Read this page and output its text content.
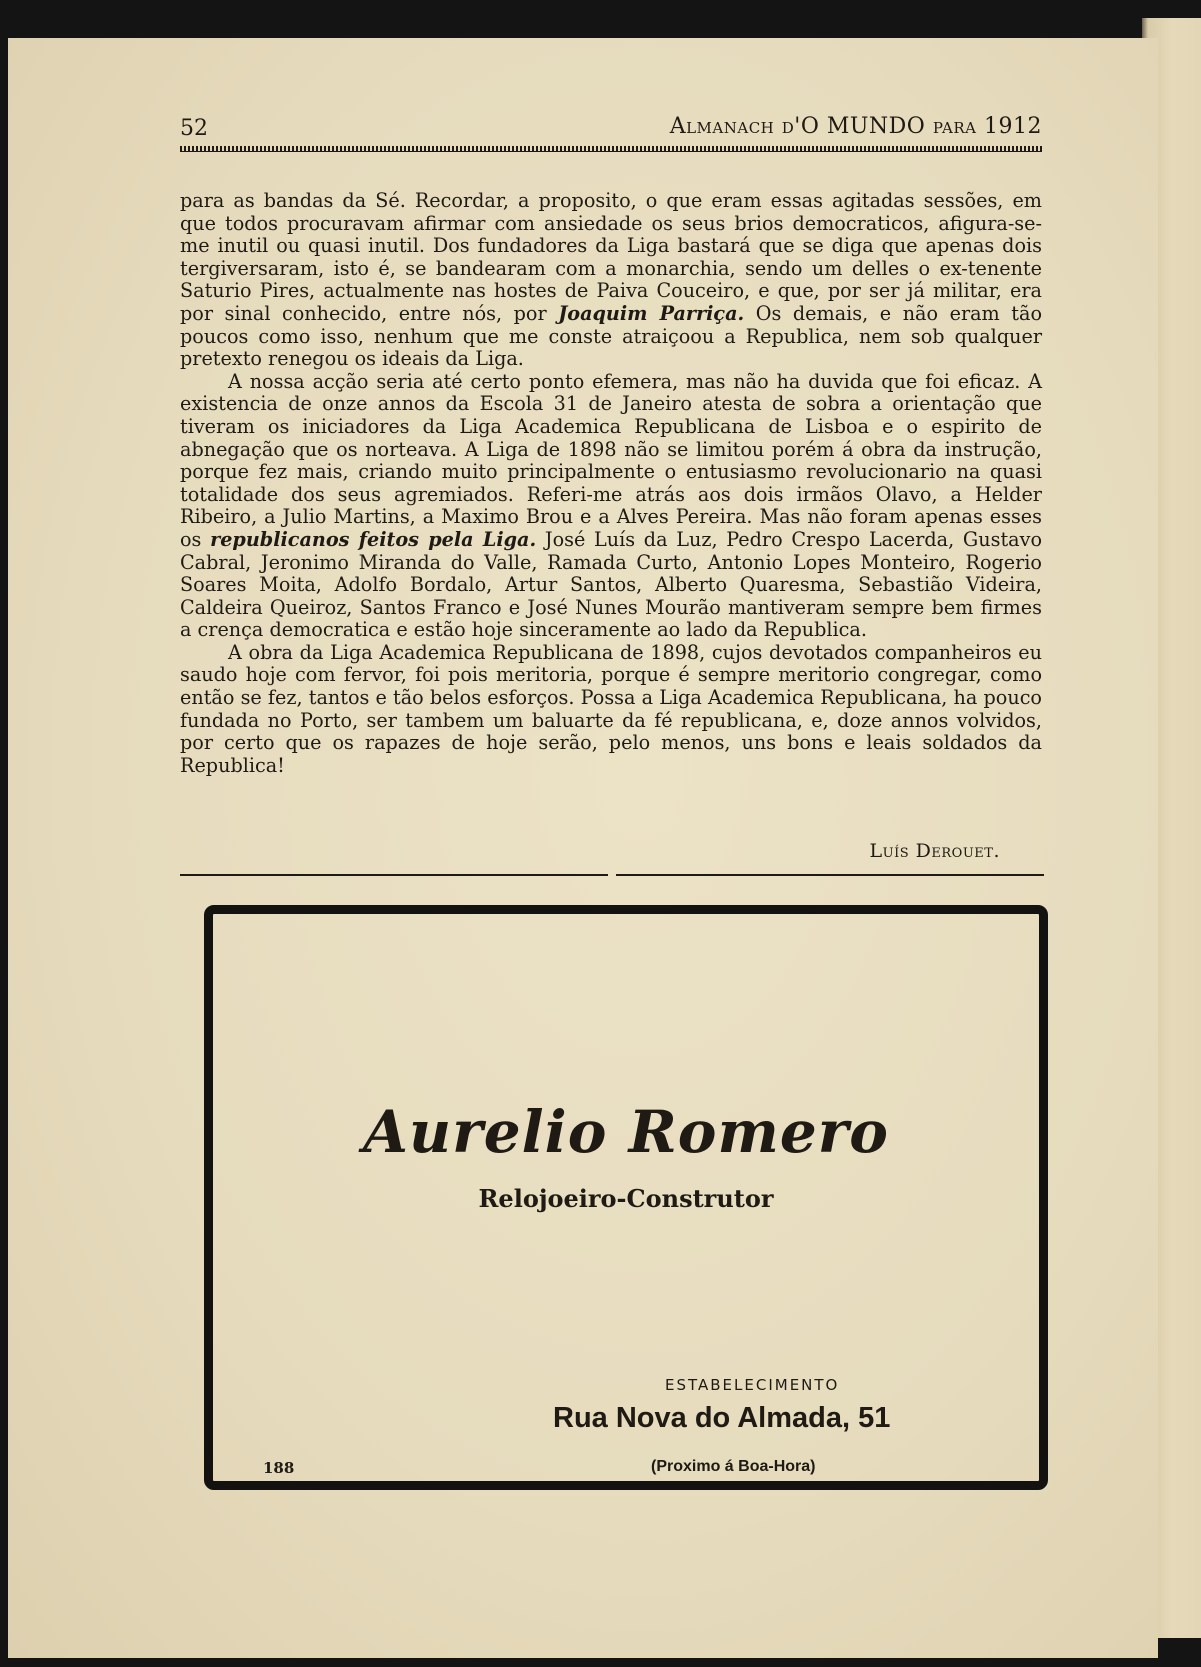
52	Almanach d'O MUNDO para 1912

para as bandas da Sé. Recordar, a proposito, o que eram essas agitadas sessões, em que todos procuravam afirmar com ansiedade os seus brios democraticos, afigura-se-me inutil ou quasi inutil. Dos fundadores da Liga bastará que se diga que apenas dois tergiversaram, isto é, se bandearam com a monarchia, sendo um delles o ex-tenente Saturio Pires, actualmente nas hostes de Paiva Couceiro, e que, por ser já militar, era por sinal conhecido, entre nós, por Joaquim Parriça. Os demais, e não eram tão poucos como isso, nenhum que me conste atraiçoou a Republica, nem sob qualquer pretexto renegou os ideais da Liga.

A nossa acção seria até certo ponto efemera, mas não ha duvida que foi eficaz. A existencia de onze annos da Escola 31 de Janeiro atesta de sobra a orientação que tiveram os iniciadores da Liga Academica Republicana de Lisboa e o espirito de abnegação que os norteava. A Liga de 1898 não se limitou porém á obra da instrução, porque fez mais, criando muito principalmente o entusiasmo revolucionario na quasi totalidade dos seus agremiados. Referi-me atrás aos dois irmãos Olavo, a Helder Ribeiro, a Julio Martins, a Maximo Brou e a Alves Pereira. Mas não foram apenas esses os republicanos feitos pela Liga. José Luís da Luz, Pedro Crespo Lacerda, Gustavo Cabral, Jeronimo Miranda do Valle, Ramada Curto, Antonio Lopes Monteiro, Rogerio Soares Moita, Adolfo Bordalo, Artur Santos, Alberto Quaresma, Sebastião Videira, Caldeira Queiroz, Santos Franco e José Nunes Mourão mantiveram sempre bem firmes a crença democratica e estão hoje sinceramente ao lado da Republica.

A obra da Liga Academica Republicana de 1898, cujos devotados companheiros eu saudo hoje com fervor, foi pois meritoria, porque é sempre meritorio congregar, como então se fez, tantos e tão belos esforços. Possa a Liga Academica Republicana, ha pouco fundada no Porto, ser tambem um baluarte da fé republicana, e, doze annos volvidos, por certo que os rapazes de hoje serão, pelo menos, uns bons e leais soldados da Republica!

Luís Derouet.
Aurelio Romero
Relojoeiro-Construtor
ESTABELECIMENTO
Rua Nova do Almada, 51
(Proximo á Boa-Hora)
188
